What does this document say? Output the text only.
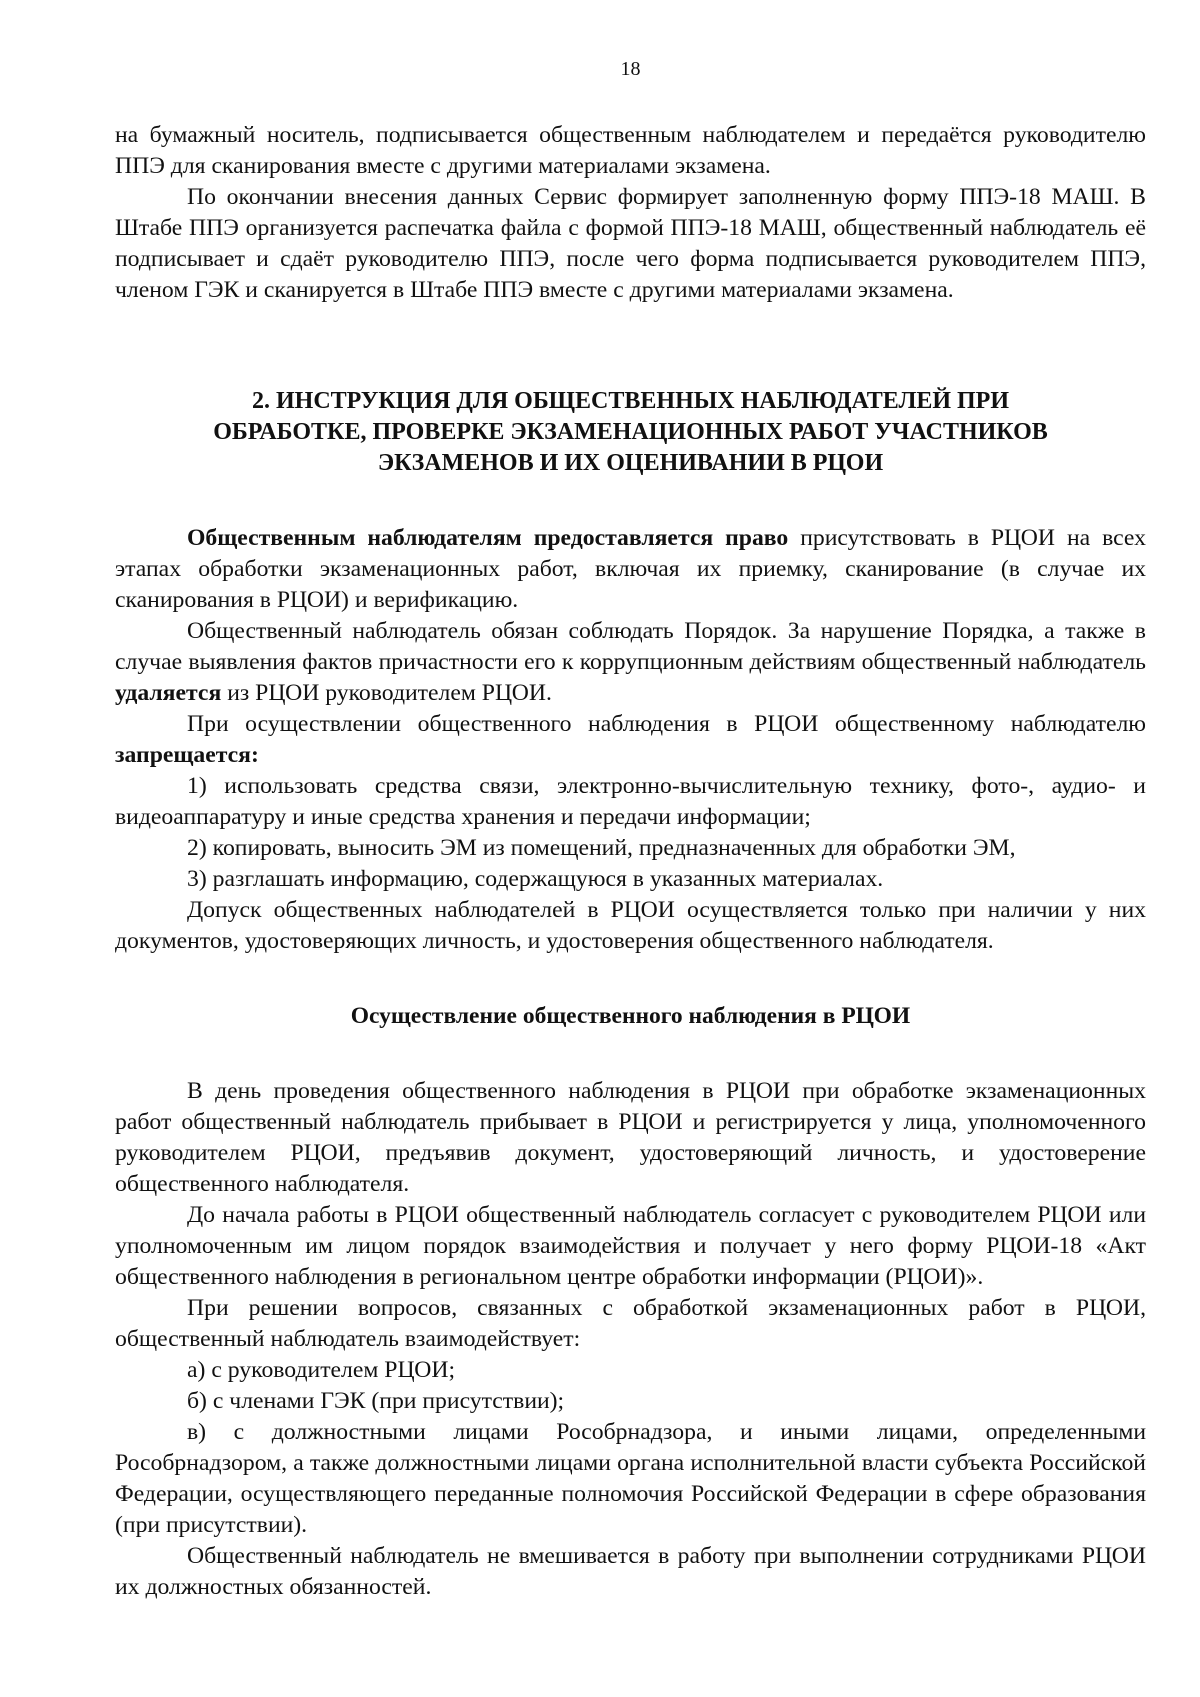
18

на бумажный носитель, подписывается общественным наблюдателем и передаётся руководителю ППЭ для сканирования вместе с другими материалами экзамена.

По окончании внесения данных Сервис формирует заполненную форму ППЭ-18 МАШ. В Штабе ППЭ организуется распечатка файла с формой ППЭ-18 МАШ, общественный наблюдатель её подписывает и сдаёт руководителю ППЭ, после чего форма подписывается руководителем ППЭ, членом ГЭК и сканируется в Штабе ППЭ вместе с другими материалами экзамена.

2. ИНСТРУКЦИЯ ДЛЯ ОБЩЕСТВЕННЫХ НАБЛЮДАТЕЛЕЙ ПРИ
ОБРАБОТКЕ, ПРОВЕРКЕ ЭКЗАМЕНАЦИОННЫХ РАБОТ УЧАСТНИКОВ
ЭКЗАМЕНОВ И ИХ ОЦЕНИВАНИИ В РЦОИ

Общественным наблюдателям предоставляется право присутствовать в РЦОИ на всех этапах обработки экзаменационных работ, включая их приемку, сканирование (в случае их сканирования в РЦОИ) и верификацию.

Общественный наблюдатель обязан соблюдать Порядок. За нарушение Порядка, а также в случае выявления фактов причастности его к коррупционным действиям общественный наблюдатель удаляется из РЦОИ руководителем РЦОИ.

При осуществлении общественного наблюдения в РЦОИ общественному наблюдателю запрещается:

1) использовать средства связи, электронно-вычислительную технику, фото-, аудио- и видеоаппаратуру и иные средства хранения и передачи информации;

2) копировать, выносить ЭМ из помещений, предназначенных для обработки ЭМ,

3) разглашать информацию, содержащуюся в указанных материалах.

Допуск общественных наблюдателей в РЦОИ осуществляется только при наличии у них документов, удостоверяющих личность, и удостоверения общественного наблюдателя.

Осуществление общественного наблюдения в РЦОИ

В день проведения общественного наблюдения в РЦОИ при обработке экзаменационных работ общественный наблюдатель прибывает в РЦОИ и регистрируется у лица, уполномоченного руководителем РЦОИ, предъявив документ, удостоверяющий личность, и удостоверение общественного наблюдателя.

До начала работы в РЦОИ общественный наблюдатель согласует с руководителем РЦОИ или уполномоченным им лицом порядок взаимодействия и получает у него форму РЦОИ-18 «Акт общественного наблюдения в региональном центре обработки информации (РЦОИ)».

При решении вопросов, связанных с обработкой экзаменационных работ в РЦОИ, общественный наблюдатель взаимодействует:

а) с руководителем РЦОИ;

б) с членами ГЭК (при присутствии);

в) с должностными лицами Рособрнадзора, и иными лицами, определенными Рособрнадзором, а также должностными лицами органа исполнительной власти субъекта Российской Федерации, осуществляющего переданные полномочия Российской Федерации в сфере образования (при присутствии).

Общественный наблюдатель не вмешивается в работу при выполнении сотрудниками РЦОИ их должностных обязанностей.
